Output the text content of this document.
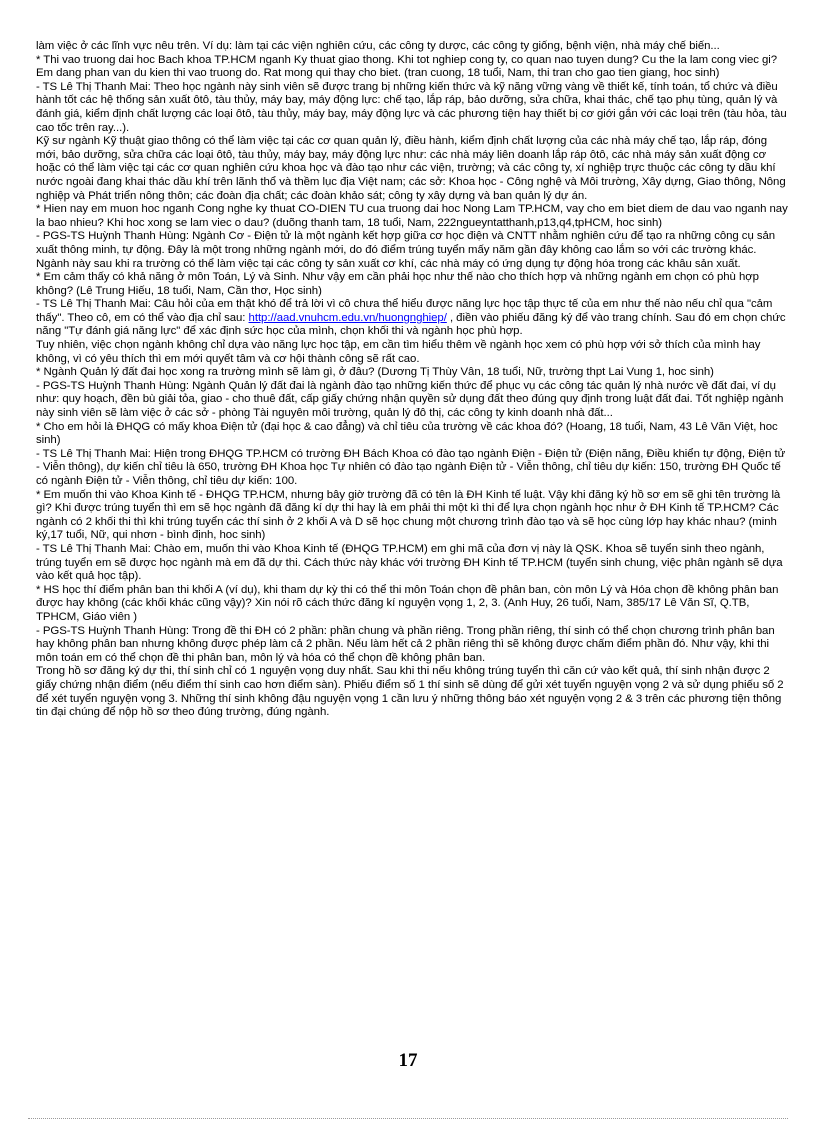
làm việc ở các lĩnh vực nêu trên. Ví dụ: làm tại các viện nghiên cứu, các công ty dược, các công ty giống, bệnh viện, nhà máy chế biến...

* Thi vao truong dai hoc Bach khoa TP.HCM nganh Ky thuat giao thong. Khi tot nghiep cong ty, co quan nao tuyen dung? Cu the la lam cong viec gi? Em dang phan van du kien thi vao truong do. Rat mong qui thay cho biet. (tran cuong, 18 tuổi, Nam, thi tran cho gao tien giang, hoc sinh)

- TS Lê Thị Thanh Mai: Theo học ngành này sinh viên sẽ được trang bị những kiến thức và kỹ năng vững vàng về thiết kế, tính toán, tổ chức và điều hành tốt các hệ thống sản xuất ôtô, tàu thủy, máy bay, máy động lực: chế tạo, lắp ráp, bảo dưỡng, sửa chữa, khai thác, chế tạo phụ tùng, quản lý và đánh giá, kiểm định chất lượng các loại ôtô, tàu thủy, máy bay, máy động lực và các phương tiện hay thiết bị cơ giới gắn với các loại trên (tàu hỏa, tàu cao tốc trên ray...).

Kỹ sư ngành Kỹ thuật giao thông có thể làm việc tại các cơ quan quản lý, điều hành, kiểm định chất lượng của các nhà máy chế tạo, lắp ráp, đóng mới, bảo dưỡng, sửa chữa các loại ôtô, tàu thủy, máy bay, máy động lực như: các nhà máy liên doanh lắp ráp ôtô, các nhà máy sản xuất động cơ hoặc có thể làm việc tại các cơ quan nghiên cứu khoa học và đào tạo như các viện, trường; và các công ty, xí nghiệp trực thuộc các công ty dầu khí nước ngoài đang khai thác dầu khí trên lãnh thổ và thềm lục địa Việt nam; các sở: Khoa học - Công nghệ và Môi trường, Xây dựng, Giao thông, Nông nghiệp và Phát triển nông thôn; các đoàn địa chất; các đoàn khảo sát; công ty xây dựng và ban quản lý dự án.

* Hien nay em muon hoc nganh Cong nghe ky thuat CO-DIEN TU cua truong dai hoc Nong Lam TP.HCM, vay cho em biet diem de dau vao nganh nay la bao nhieu? Khi hoc xong se lam viec o dau? (duõng thanh tam, 18 tuổi, Nam, 222ngueyntatthanh,p13,q4,tpHCM, hoc sinh)

- PGS-TS Huỳnh Thanh Hùng: Ngành Cơ - Điện tử là một ngành kết hợp giữa cơ học điện và CNTT nhằm nghiên cứu để tạo ra những công cụ sản xuất thông minh, tự động. Đây là một trong những ngành mới, do đó điểm trúng tuyển mấy năm gần đây không cao lắm so với các trường khác. Ngành này sau khi ra trường có thể làm việc tại các công ty sản xuất cơ khí, các nhà máy có ứng dụng tự động hóa trong các khâu sản xuất.

* Em cảm thấy có khả năng ở môn Toán, Lý và Sinh. Như vậy em cần phải học như thế nào cho thích hợp và những ngành em chọn có phù hợp không? (Lê Trung Hiếu, 18 tuổi, Nam, Cần thơ, Học sinh)

- TS Lê Thị Thanh Mai: Câu hỏi của em thật khó để trả lời vì cô chưa thể hiểu được năng lực học tập thực tế của em như thế nào nếu chỉ qua "cảm thấy". Theo cô, em có thể vào địa chỉ sau: http://aad.vnuhcm.edu.vn/huongnghiep/ , điền vào phiếu đăng ký để vào trang chính. Sau đó em chọn chức năng "Tự đánh giá năng lực" để xác định sức học của mình, chọn khối thi và ngành học phù hợp.

Tuy nhiên, việc chọn ngành không chỉ dựa vào năng lực học tập, em cần tìm hiểu thêm về ngành học xem có phù hợp với sở thích của mình hay không, vì có yêu thích thì em mới quyết tâm và cơ hội thành công sẽ rất cao.

* Ngành Quản lý đất đai học xong ra trường mình sẽ làm gì, ở đâu? (Dương Tị Thùy Vân, 18 tuổi, Nữ, trường thpt Lai Vung 1, hoc sinh)

- PGS-TS Huỳnh Thanh Hùng: Ngành Quản lý đất đai là ngành đào tạo những kiến thức để phục vụ các công tác quản lý nhà nước về đất đai, ví dụ như: quy hoạch, đền bù giải tỏa, giao - cho thuê đất, cấp giấy chứng nhận quyền sử dụng đất theo đúng quy định trong luật đất đai. Tốt nghiệp ngành này sinh viên sẽ làm việc ở các sở - phòng Tài nguyên môi trường, quản lý đô thị, các công ty kinh doanh nhà đất...

* Cho em hỏi là ĐHQG có mấy khoa Điện tử (đại học & cao đẳng) và chỉ tiêu của trường về các khoa đó? (Hoang, 18 tuổi, Nam, 43 Lê Văn Việt, hoc sinh)

- TS Lê Thị Thanh Mai: Hiện trong ĐHQG TP.HCM có trường ĐH Bách Khoa có đào tạo ngành Điện - Điện tử (Điện năng, Điều khiển tự động, Điện tử - Viễn thông), dự kiến chỉ tiêu là 650, trường ĐH Khoa học Tự nhiên có đào tạo ngành Điện tử - Viễn thông, chỉ tiêu dự kiến: 150, trường ĐH Quốc tế có ngành Điện tử - Viễn thông, chỉ tiêu dự kiến: 100.

* Em muốn thi vào Khoa Kinh tế - ĐHQG TP.HCM, nhưng bây giờ trường đã có tên là ĐH Kinh tế luật. Vậy khi đăng ký hồ sơ em sẽ ghi tên trường là gì? Khi được trúng tuyển thì em sẽ học ngành đã đăng kí dự thi hay là em phải thi một kì thi để lựa chọn ngành học như ở ĐH Kinh tế TP.HCM? Các ngành có 2 khối thi thì khi trúng tuyển các thí sinh ở 2 khối A và D sẽ học chung một chương trình đào tạo và sẽ học cùng lớp hay khác nhau? (minh ký,17 tuổi, Nữ, qui nhơn - bình định, hoc sinh)

- TS Lê Thị Thanh Mai: Chào em, muốn thi vào Khoa Kinh tế (ĐHQG TP.HCM) em ghi mã của đơn vị này là QSK. Khoa sẽ tuyển sinh theo ngành, trúng tuyển em sẽ được học ngành mà em đã dự thi. Cách thức này khác với trường ĐH Kinh tế TP.HCM (tuyển sinh chung, việc phân ngành sẽ dựa vào kết quả học tập).

* HS học thí điểm phân ban thi khối A (ví dụ), khi tham dự kỳ thi có thể thi môn Toán chọn đề phân ban, còn môn Lý và Hóa chọn đề không phân ban được hay không (các khối khác cũng vậy)? Xin nói rõ cách thức đăng kí nguyện vọng 1, 2, 3. (Anh Huy, 26 tuổi, Nam, 385/17 Lê Văn Sĩ, Q.TB, TPHCM, Giáo viên )

- PGS-TS Huỳnh Thanh Hùng: Trong đề thi ĐH có 2 phần: phần chung và phần riêng. Trong phần riêng, thí sinh có thể chọn chương trình phân ban hay không phân ban nhưng không được phép làm cả 2 phần. Nếu làm hết cả 2 phần riêng thì sẽ không được chấm điểm phần đó. Như vậy, khi thi môn toán em có thể chọn đề thi phân ban, môn lý và hóa có thể chọn đề không phân ban.

Trong hồ sơ đăng ký dự thi, thí sinh chỉ có 1 nguyện vọng duy nhất. Sau khi thi nếu không trúng tuyển thì căn cứ vào kết quả, thí sinh nhận được 2 giấy chứng nhận điểm (nếu điểm thí sinh cao hơn điểm sàn). Phiếu điểm số 1 thí sinh sẽ dùng để gửi xét tuyển nguyện vọng 2 và sử dụng phiếu số 2 để xét tuyển nguyện vọng 3. Những thí sinh không đậu nguyện vọng 1 cần lưu ý những thông báo xét nguyện vọng 2 & 3 trên các phương tiện thông tin đại chúng để nộp hồ sơ theo đúng trường, đúng ngành.

17
